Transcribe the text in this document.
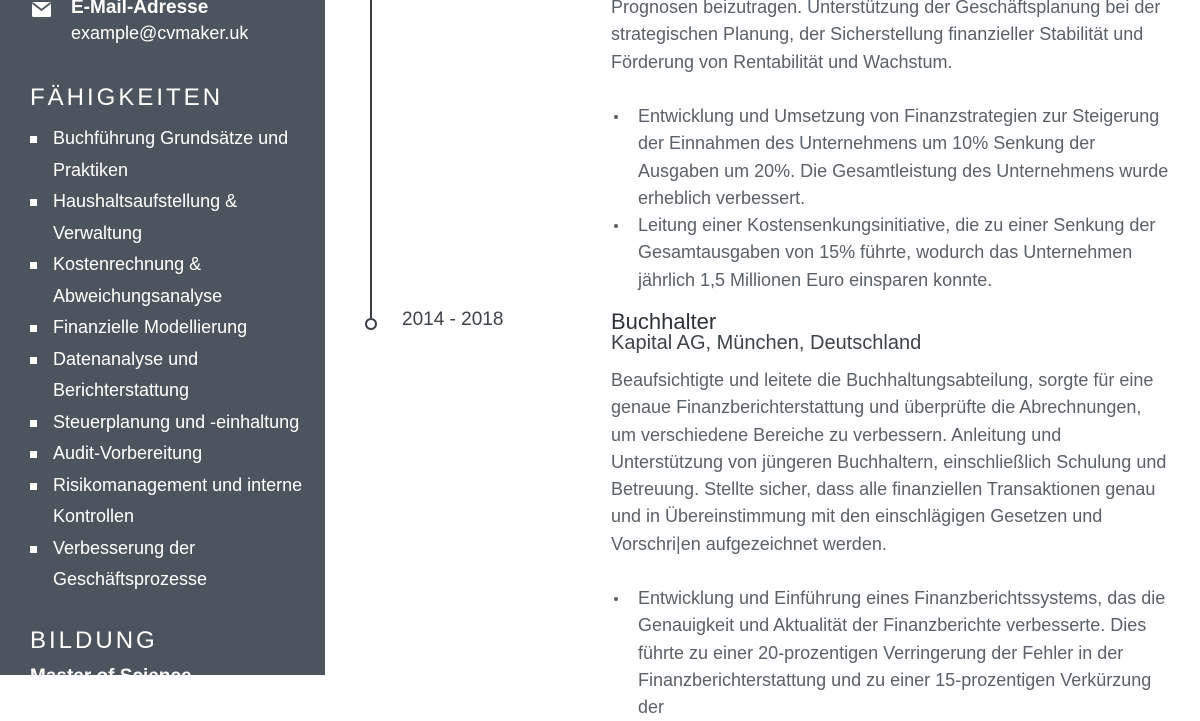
E-Mail-Adresse
example@cvmaker.uk
FÄHIGKEITEN
Buchführung Grundsätze und Praktiken
Haushaltsaufstellung & Verwaltung
Kostenrechnung & Abweichungsanalyse
Finanzielle Modellierung
Datenanalyse und Berichterstattung
Steuerplanung und -einhaltung
Audit-Vorbereitung
Risikomanagement und interne Kontrollen
Verbesserung der Geschäftsprozesse
BILDUNG
Master of Science
2014 - 2018

Prognosen beizutragen. Unterstützung der Geschäftsplanung bei der strategischen Planung, der Sicherstellung finanzieller Stabilität und Förderung von Rentabilität und Wachstum.

Entwicklung und Umsetzung von Finanzstrategien zur Steigerung der Einnahmen des Unternehmens um 10% Senkung der Ausgaben um 20%. Die Gesamtleistung des Unternehmens wurde erheblich verbessert.
Leitung einer Kostensenkungsinitiative, die zu einer Senkung der Gesamtausgaben von 15% führte, wodurch das Unternehmen jährlich 1,5 Millionen Euro einsparen konnte.
Buchhalter
Kapital AG, München, Deutschland

Beaufsichtigte und leitete die Buchhaltungsabteilung, sorgte für eine genaue Finanzberichterstattung und überprüfte die Abrechnungen, um verschiedene Bereiche zu verbessern. Anleitung und Unterstützung von jüngeren Buchhaltern, einschließlich Schulung und Betreuung. Stellte sicher, dass alle finanziellen Transaktionen genau und in Übereinstimmung mit den einschlägigen Gesetzen und Vorschri|en aufgezeichnet werden.

Entwicklung und Einführung eines Finanzberichtssystems, das die Genauigkeit und Aktualität der Finanzberichte verbesserte. Dies führte zu einer 20-prozentigen Verringerung der Fehler in der Finanzberichterstattung und zu einer 15-prozentigen Verkürzung der
